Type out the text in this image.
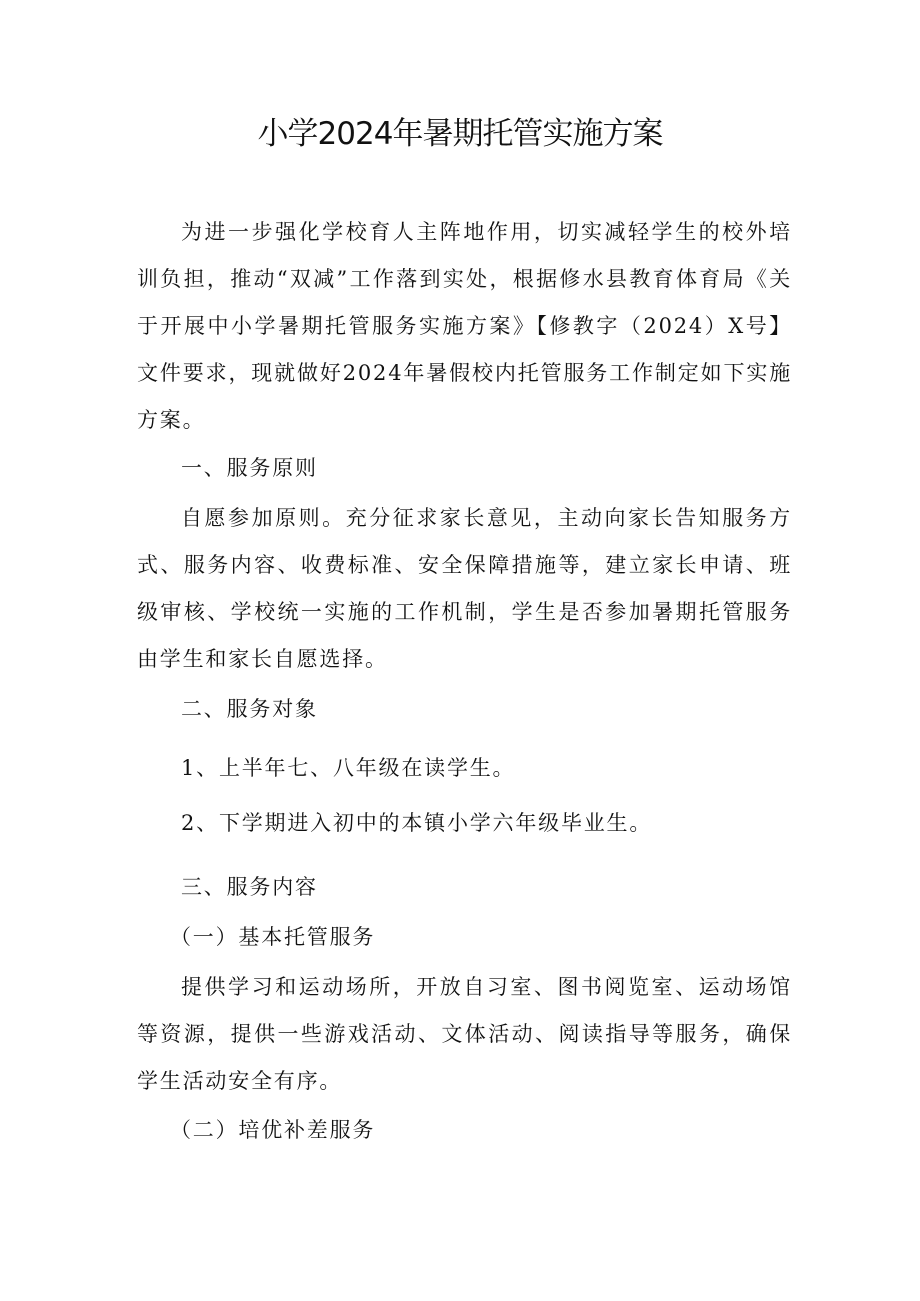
小学2024年暑期托管实施方案

为进一步强化学校育人主阵地作用，切实减轻学生的校外培训负担，推动“双减”工作落到实处，根据修水县教育体育局《关于开展中小学暑期托管服务实施方案》【修教字（2024）X号】文件要求，现就做好2024年暑假校内托管服务工作制定如下实施方案。

一、服务原则

自愿参加原则。充分征求家长意见，主动向家长告知服务方式、服务内容、收费标准、安全保障措施等，建立家长申请、班级审核、学校统一实施的工作机制，学生是否参加暑期托管服务由学生和家长自愿选择。

二、服务对象

1、上半年七、八年级在读学生。

2、下学期进入初中的本镇小学六年级毕业生。

三、服务内容

（一）基本托管服务

提供学习和运动场所，开放自习室、图书阅览室、运动场馆等资源，提供一些游戏活动、文体活动、阅读指导等服务，确保学生活动安全有序。

（二）培优补差服务
